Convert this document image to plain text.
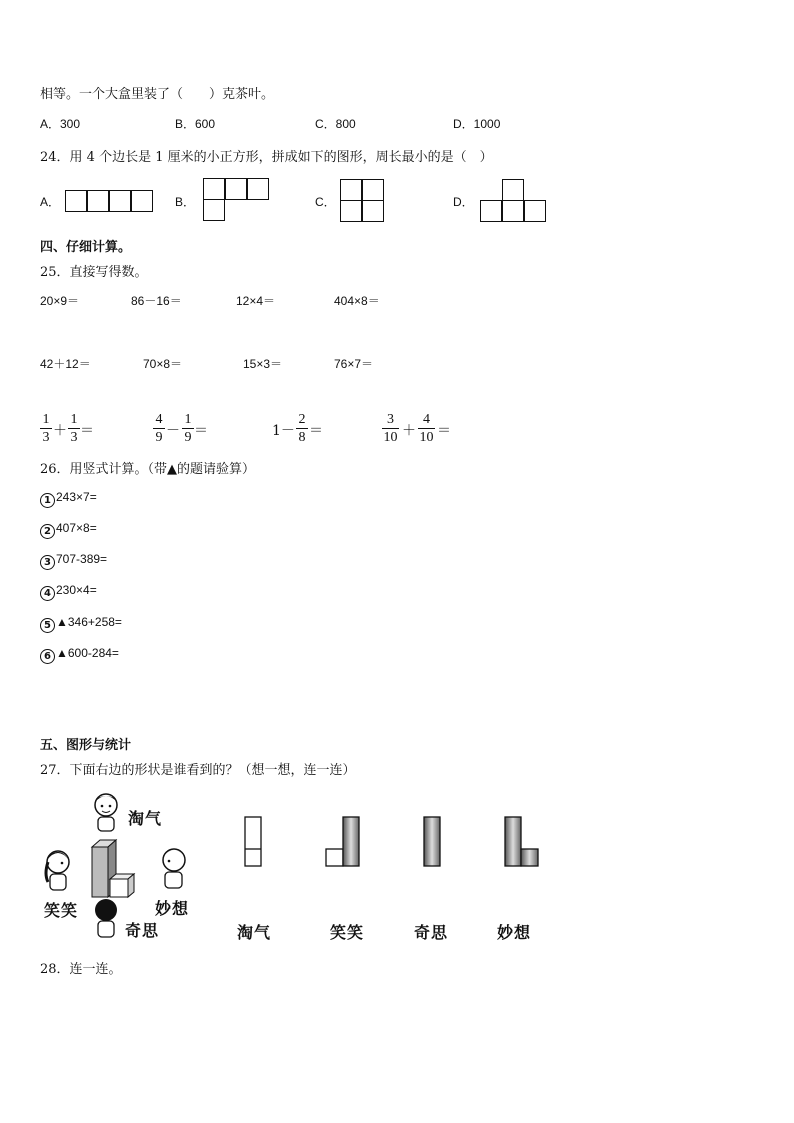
相等。一个大盒里装了（　　）克茶叶。
A．300	B．600	C．800	D．1000
24．用 4 个边长是 1 厘米的小正方形，拼成如下的图形，周长最小的是（　）
A．	B．	C．	D．
四、仔细计算。
25．直接写得数。
20×9＝	86－16＝	12×4＝	404×8＝
42＋12＝	70×8＝	15×3＝	76×7＝
1
3 ＋
1
3 ＝
4
9 －
1
9 ＝	1－
2
8 ＝
3
10 ＋
4
10 ＝
26．用竖式计算。（带▲的题请验算）
1 243×7=
2 407×8=
3 707-389=
4 230×4=
5 ▲346+258=
6 ▲600-284=
五、图形与统计
27．下面右边的形状是谁看到的？（想一想，连一连）
淘气
笑笑	妙想
奇思	淘气	笑笑	奇思	妙想
28．连一连。
